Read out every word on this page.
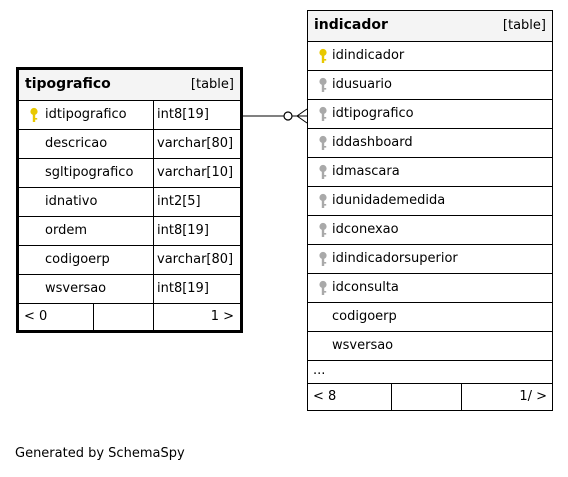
tipografico	[table]
idtipografico int8[19]
descricao	varchar[80]
sgltipografico varchar[10]
idnativo	int2[5]
ordem	int8[19]
codigoerp	varchar[80]
wsversao	int8[19]
< 0	1 >
indicador	[table]
idindicador
idusuario
idtipografico
iddashboard
idmascara
idunidademedida
idconexao
idindicadorsuperior
idconsulta
codigoerp
wsversao
...
< 8	1/ >
Generated by SchemaSpy
